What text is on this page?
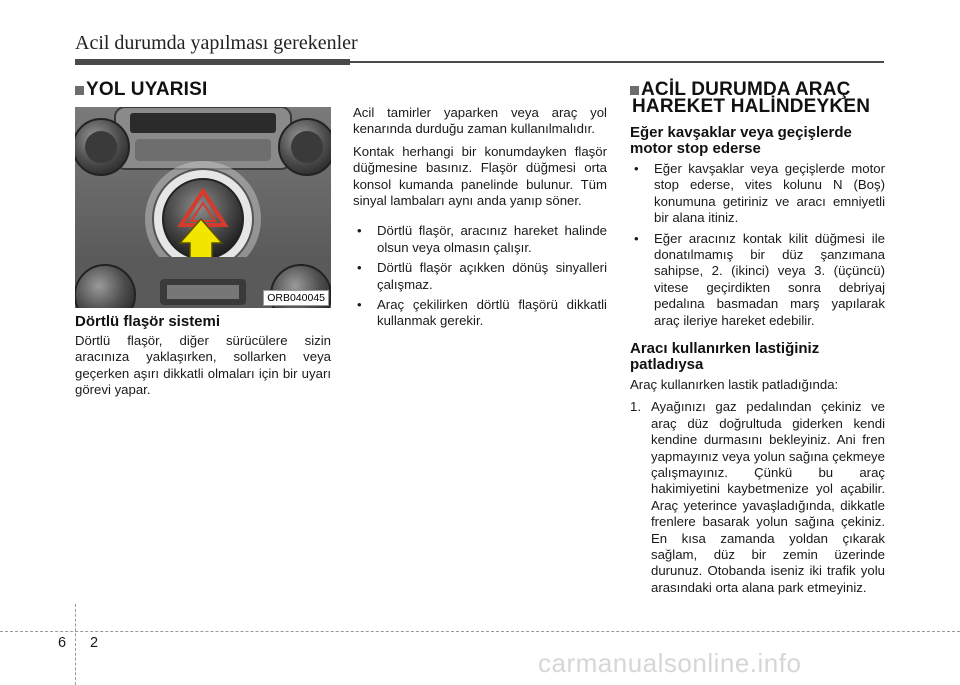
Acil durumda yapılması gerekenler
YOL UYARISI
ORB040045
Dörtlü flaşör sistemi

Dörtlü flaşör, diğer sürücülere sizin aracınıza yaklaşırken, sollarken veya geçerken aşırı dikkatli olmaları için bir uyarı görevi yapar.

Acil tamirler yaparken veya araç yol kenarında durduğu zaman kullanılmalıdır.

Kontak herhangi bir konumdayken flaşör düğmesine basınız. Flaşör düğmesi orta konsol kumanda panelinde bulunur. Tüm sinyal lambaları aynı anda yanıp söner.

• Dörtlü flaşör, aracınız hareket halinde olsun veya olmasın çalışır.
• Dörtlü flaşör açıkken dönüş sinyalleri çalışmaz.
• Araç çekilirken dörtlü flaşörü dikkatli kullanmak gerekir.
ACİL DURUMDA ARAÇ
HAREKET HALİNDEYKEN
Eğer kavşaklar veya geçişlerde motor stop ederse
• Eğer kavşaklar veya geçişlerde motor stop ederse, vites kolunu N (Boş) konumuna getiriniz ve aracı emniyetli bir alana itiniz.
• Eğer aracınız kontak kilit düğmesi ile donatılmamış bir düz şanzımana sahipse, 2. (ikinci) veya 3. (üçüncü) vitese geçirdikten sonra debriyaj pedalına basmadan marş yapılarak araç ileriye hareket edebilir.
Aracı kullanırken lastiğiniz patladıysa

Araç kullanırken lastik patladığında:

1. Ayağınızı gaz pedalından çekiniz ve araç düz doğrultuda giderken kendi kendine durmasını bekleyiniz. Ani fren yapmayınız veya yolun sağına çekmeye çalışmayınız. Çünkü bu araç hakimiyetini kaybetmenize yol açabilir. Araç yeterince yavaşladığında, dikkatle frenlere basarak yolun sağına çekiniz. En kısa zamanda yoldan çıkarak sağlam, düz bir zemin üzerinde durunuz. Otobanda iseniz iki trafik yolu arasındaki orta alana park etmeyiniz.
6 2
carmanualsonline.info
